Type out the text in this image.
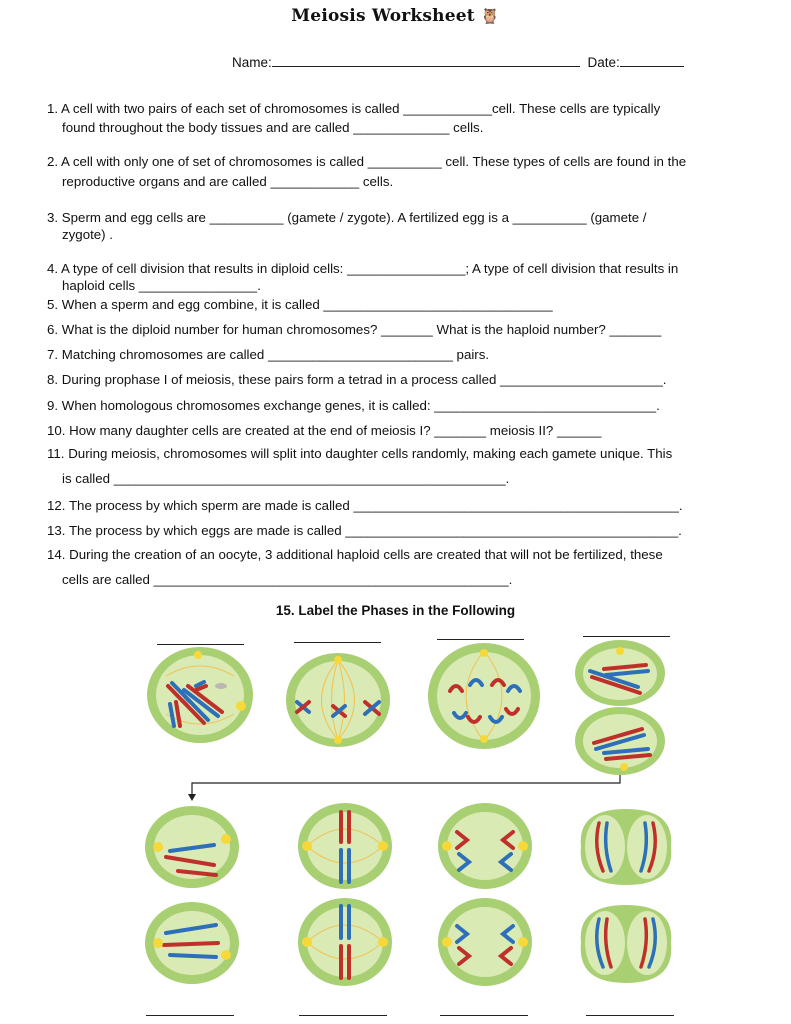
Meiosis Worksheet 🦉
Name:	Date:
1. A cell with two pairs of each set of chromosomes is called ____________cell. These cells are typically
found throughout the body tissues and are called _____________ cells.
2. A cell with only one of set of chromosomes is called __________ cell. These types of cells are found in the
reproductive organs and are called ____________ cells.
3. Sperm and egg cells are __________ (gamete / zygote). A fertilized egg is a __________ (gamete /
zygote) .
4. A type of cell division that results in diploid cells: ________________; A type of cell division that results in
haploid cells ________________.
5. When a sperm and egg combine, it is called _______________________________
6. What is the diploid number for human chromosomes? _______ What is the haploid number? _______
7. Matching chromosomes are called _________________________ pairs.
8. During prophase I of meiosis, these pairs form a tetrad in a process called ______________________.
9. When homologous chromosomes exchange genes, it is called: ______________________________.
10. How many daughter cells are created at the end of meiosis I? _______ meiosis II? ______
11. During meiosis, chromosomes will split into daughter cells randomly, making each gamete unique. This
is called _____________________________________________________.
12. The process by which sperm are made is called ____________________________________________.
13. The process by which eggs are made is called _____________________________________________.
14. During the creation of an oocyte, 3 additional haploid cells are created that will not be fertilized, these
cells are called ________________________________________________.
15. Label the Phases in the Following
